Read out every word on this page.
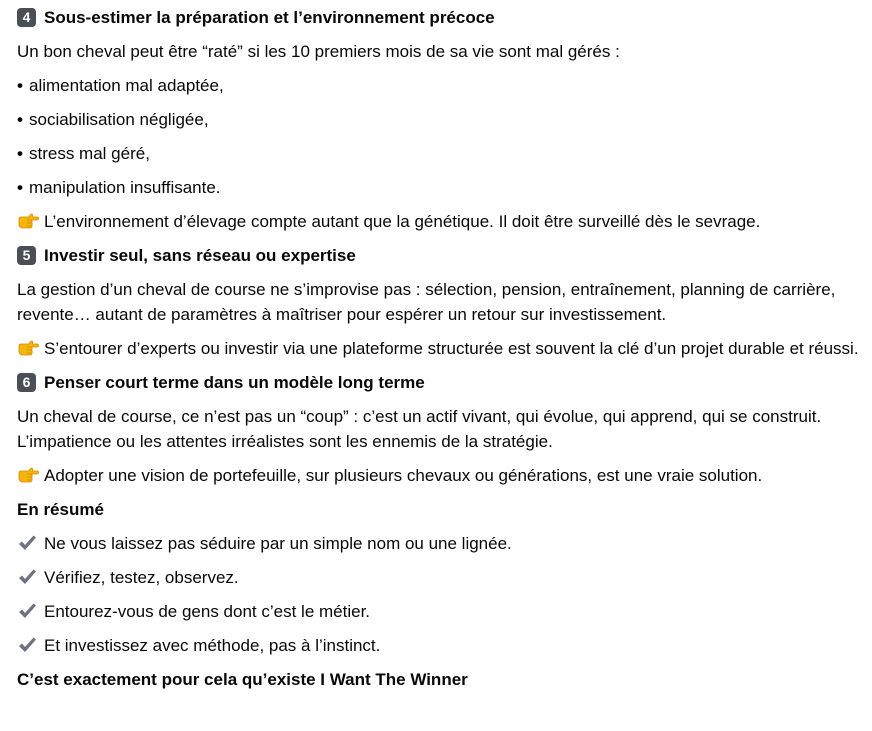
4 Sous-estimer la préparation et l’environnement précoce
Un bon cheval peut être “raté” si les 10 premiers mois de sa vie sont mal gérés :
• alimentation mal adaptée,
• sociabilisation négligée,
• stress mal géré,
• manipulation insuffisante.
L’environnement d’élevage compte autant que la génétique. Il doit être surveillé dès le sevrage.
5 Investir seul, sans réseau ou expertise
La gestion d’un cheval de course ne s’improvise pas : sélection, pension, entraînement, planning de carrière, revente… autant de paramètres à maîtriser pour espérer un retour sur investissement.
S’entourer d’experts ou investir via une plateforme structurée est souvent la clé d’un projet durable et réussi.
6 Penser court terme dans un modèle long terme
Un cheval de course, ce n’est pas un “coup” : c’est un actif vivant, qui évolue, qui apprend, qui se construit. L’impatience ou les attentes irréalistes sont les ennemis de la stratégie.
Adopter une vision de portefeuille, sur plusieurs chevaux ou générations, est une vraie solution.
En résumé
Ne vous laissez pas séduire par un simple nom ou une lignée.
Vérifiez, testez, observez.
Entourez-vous de gens dont c’est le métier.
Et investissez avec méthode, pas à l’instinct.
C’est exactement pour cela qu’existe I Want The Winner
